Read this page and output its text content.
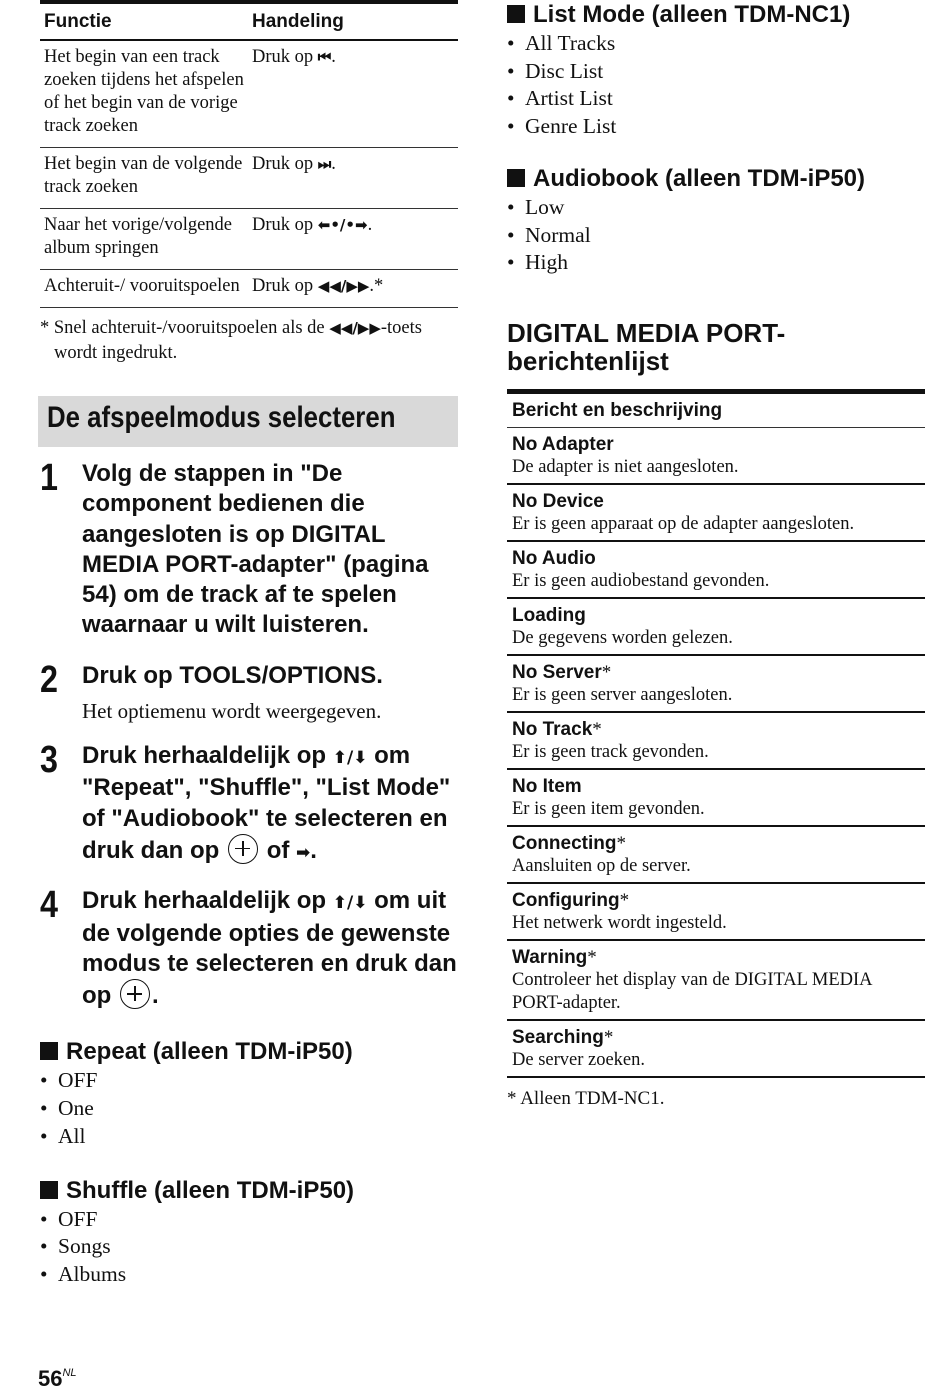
Functie	Handeling
Het begin van een track zoeken tijdens het afspelen of het begin van de vorige track zoeken	Druk op ⏮.
Het begin van de volgende track zoeken	Druk op ⏭.
Naar het vorige/volgende album springen	Druk op ⬅•/•➡.
Achteruit-/ vooruitspoelen	Druk op ◀◀/▶▶.*

* Snel achteruit-/vooruitspoelen als de ◀◀/▶▶-toets wordt ingedrukt.

De afspeelmodus selecteren
1 Volg de stappen in "De component bedienen die aangesloten is op DIGITAL MEDIA PORT-adapter" (pagina 54) om de track af te spelen waarnaar u wilt luisteren.
2 Druk op TOOLS/OPTIONS.
Het optiemenu wordt weergegeven.
3 Druk herhaaldelijk op ⬆/⬇ om "Repeat", "Shuffle", "List Mode" of "Audiobook" te selecteren en druk dan op of ➡.
4 Druk herhaaldelijk op ⬆/⬇ om uit de volgende opties de gewenste modus te selecteren en druk dan op .
Repeat (alleen TDM-iP50)
• OFF
• One
• All
Shuffle (alleen TDM-iP50)
• OFF
• Songs
• Albums
$56^{NL}$
List Mode (alleen TDM-NC1)
• All Tracks
• Disc List
• Artist List
• Genre List
Audiobook (alleen TDM-iP50)
• Low
• Normal
• High
DIGITAL MEDIA PORT-
berichtenlijst
Bericht en beschrijving

No Adapter
De adapter is niet aangesloten.

No Device
Er is geen apparaat op de adapter aangesloten.

No Audio
Er is geen audiobestand gevonden.

Loading
De gegevens worden gelezen.

No Server*
Er is geen server aangesloten.

No Track*
Er is geen track gevonden.

No Item
Er is geen item gevonden.

Connecting*
Aansluiten op de server.

Configuring*
Het netwerk wordt ingesteld.

Warning*
Controleer het display van de DIGITAL MEDIA PORT-adapter.

Searching*
De server zoeken.

* Alleen TDM-NC1.
